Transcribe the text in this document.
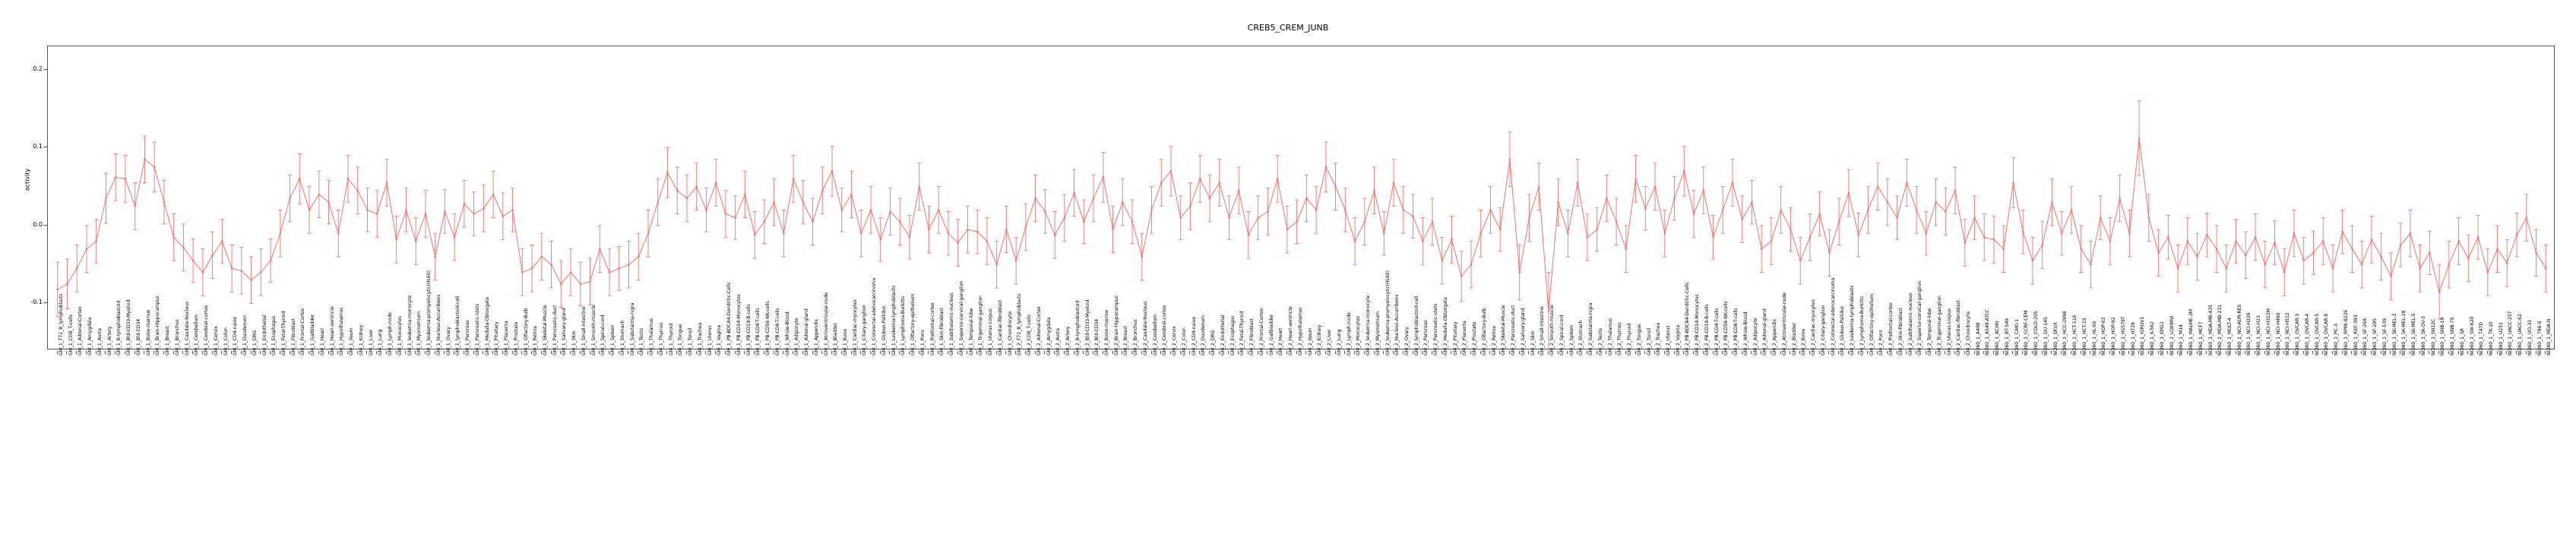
CREB5_CREM_JUNB
activity
0.2
0.1
0.0
-0.1	GM_1_T72_B_lymphoblasts GM_1_CD8_T-cells GM_1_Adrenal-Cortex GM_1_Amygdala GM_1_Aorta GM_1_Artery GM_1_B-lymphoblastoid GM_1_Bld-CD33-Myeloid GM_1_Bld-CD34 GM_1_Bone-marrow GM_1_Brain-Hippocampus GM_1_Breast GM_1_Bronchus GM_1_Caudate-Nucleus GM_1_Cerebellum GM_1_Cerebral-cortex GM_1_Cervix GM_1_Colon GM_1_CD4-naive GM_1_Duodenum GM_1_DRG GM_1_Endothelial GM_1_Esophagus GM_1_Fetal-Thyroid GM_1_Fibroblast GM_1_Frontal-Cortex GM_1_Gallbladder GM_1_Heart GM_1_Heart-ventricle GM_1_Hypothalamus GM_1_Ileum GM_1_Kidney GM_1_Liver GM_1_Lung GM_1_Lymph-node GM_1_Monocytes GM_1_leukemia-monocyte GM_1_Myometrium GM_1_leukemia-promyelocytic(HL60) GM_1_Nucleus-Accumbens GM_1_Ovary GM_1_lymphoblastoid-cell GM_1_Pancreas GM_1_Pancreatic-islets GM_1_Medulla-Oblongata GM_1_Pituitary GM_1_Placenta GM_1_Prostate GM_1_Olfactory-Bulb GM_1_Retina GM_1_Skeletal-Muscle GM_1_Pancreatic-duct GM_1_Salivary-gland GM_1_Skin GM_1_Small-intestine GM_1_Smooth-muscle GM_1_Spinal-cord GM_1_Spleen GM_1_Stomach GM_1_Substantia-nigra GM_1_Testis GM_1_Thalamus GM_1_Thymus GM_1_Thyroid GM_1_Tongue GM_1_Tonsil GM_1_Trachea GM_1_Uterus GM_1_Vagina GM_1_PB-BDCA4-Dendritic-Cells GM_1_PB-CD14-Monocytes GM_1_PB-CD19-B-cells GM_1_PB-CD4-T-cells GM_1_PB-CD56-NK-cells GM_1_PB-CD8-T-cells GM_1_Whole-Blood GM_1_Adipocyte GM_1_Adrenal-gland GM_1_Appendix GM_1_Atrioventricular-node GM_1_Bladder GM_1_Bone GM_1_Cardiac-myocytes GM_1_Ciliary-ganglion GM_1_Colorectal-adenocarcinoma GM_1_Globus-Pallidus GM_1_Leukemia-lymphoblastic GM_1_Lymphoma-Burkitts GM_1_Olfactory-epithelium GM_1_Pons GM_1_Prefrontal-cortex GM_1_Skin-fibroblast GM_1_Subthalamic-nucleus GM_1_Superior-cervical-ganglion GM_1_Temporal-lobe GM_1_Trigeminal-ganglion GM_1_Uterus-corpus GM_1_Cardiac-fibroblast GM_1_Chondrocyte GM_2_T72_B_lymphoblasts GM_2_CD8_T-cells GM_2_Adrenal-Cortex GM_2_Amygdala GM_2_Aorta GM_2_Artery GM_2_B-lymphoblastoid GM_2_Bld-CD33-Myeloid GM_2_Bld-CD34 GM_2_Bone-marrow GM_2_Brain-Hippocampus GM_2_Breast GM_2_Bronchus GM_2_Caudate-Nucleus GM_2_Cerebellum GM_2_Cerebral-cortex GM_2_Cervix GM_2_Colon GM_2_CD4-naive GM_2_Duodenum GM_2_DRG GM_2_Endothelial GM_2_Esophagus GM_2_Fetal-Thyroid GM_2_Fibroblast GM_2_Frontal-Cortex GM_2_Gallbladder GM_2_Heart GM_2_Heart-ventricle GM_2_Hypothalamus GM_2_Ileum GM_2_Kidney GM_2_Liver GM_2_Lung GM_2_Lymph-node GM_2_Monocytes GM_2_leukemia-monocyte GM_2_Myometrium GM_2_leukemia-promyelocytic(HL60) GM_2_Nucleus-Accumbens GM_2_Ovary GM_2_lymphoblastoid-cell GM_2_Pancreas GM_2_Pancreatic-islets GM_2_Medulla-Oblongata GM_2_Pituitary GM_2_Placenta GM_2_Prostate GM_2_Olfactory-Bulb GM_2_Retina GM_2_Skeletal-Muscle GM_2_Pancreatic-duct GM_2_Salivary-gland GM_2_Skin GM_2_Small-intestine GM_2_Smooth-muscle GM_2_Spinal-cord GM_2_Spleen GM_2_Stomach GM_2_Substantia-nigra GM_2_Testis GM_2_Thalamus GM_2_Thymus GM_2_Thyroid GM_2_Tongue GM_2_Tonsil GM_2_Trachea GM_2_Uterus GM_2_Vagina GM_2_PB-BDCA4-Dendritic-Cells GM_2_PB-CD14-Monocytes GM_2_PB-CD19-B-cells GM_2_PB-CD4-T-cells GM_2_PB-CD56-NK-cells GM_2_PB-CD8-T-cells GM_2_Whole-Blood GM_2_Adipocyte GM_2_Adrenal-gland GM_2_Appendix GM_2_Atrioventricular-node GM_2_Bladder GM_2_Bone GM_2_Cardiac-myocytes GM_2_Ciliary-ganglion GM_2_Colorectal-adenocarcinoma GM_2_Globus-Pallidus GM_2_Leukemia-lymphoblastic GM_2_Lymphoma-Burkitts GM_2_Olfactory-epithelium GM_2_Pons GM_2_Prefrontal-cortex GM_2_Skin-fibroblast GM_2_Subthalamic-nucleus GM_2_Superior-cervical-ganglion GM_2_Temporal-lobe GM_2_Trigeminal-ganglion GM_2_Uterus-corpus GM_2_Cardiac-fibroblast GM_2_Chondrocyte NCI60_1_A498 NCI60_1_A549-ATCC NCI60_1_ACHN NCI60_1_BT-549 NCI60_1_CAKI-1 NCI60_1_CCRF-CEM NCI60_1_COLO-205 NCI60_1_DU-145 NCI60_1_EKVX NCI60_1_HCC-2998 NCI60_1_HCT-116 NCI60_1_HCT-15 NCI60_1_HL-60 NCI60_1_HOP-62 NCI60_1_HOP-92 NCI60_1_HS578T NCI60_1_HT29 NCI60_1_IGROV1 NCI60_1_K-562 NCI60_1_KM12 NCI60_1_LOXIMVI NCI60_1_M14 NCI60_1_MALME-3M NCI60_1_MCF7 NCI60_1_MDA-MB-435 NCI60_1_MDA-MB-231 NCI60_1_MOLT-4 NCI60_1_NCI-ADR-RES NCI60_1_NCI-H226 NCI60_1_NCI-H23 NCI60_1_NCI-H322M NCI60_1_NCI-H460 NCI60_1_NCI-H522 NCI60_1_OVCAR-3 NCI60_1_OVCAR-4 NCI60_1_OVCAR-5 NCI60_1_OVCAR-8 NCI60_1_PC-3 NCI60_1_RPMI-8226 NCI60_1_RXF-393 NCI60_1_SF-268 NCI60_1_SF-295 NCI60_1_SF-539 NCI60_1_SK-MEL-2 NCI60_1_SK-MEL-28 NCI60_1_SK-MEL-5 NCI60_1_SK-OV-3 NCI60_1_SN12C NCI60_1_SNB-19 NCI60_1_SNB-75 NCI60_1_SR NCI60_1_SW-620 NCI60_1_T47D NCI60_1_TK-10 NCI60_1_U251 NCI60_1_UACC-257 NCI60_1_UACC-62 NCI60_1_UO-31 NCI60_1_786-0 NCI60_1_MDA-N
